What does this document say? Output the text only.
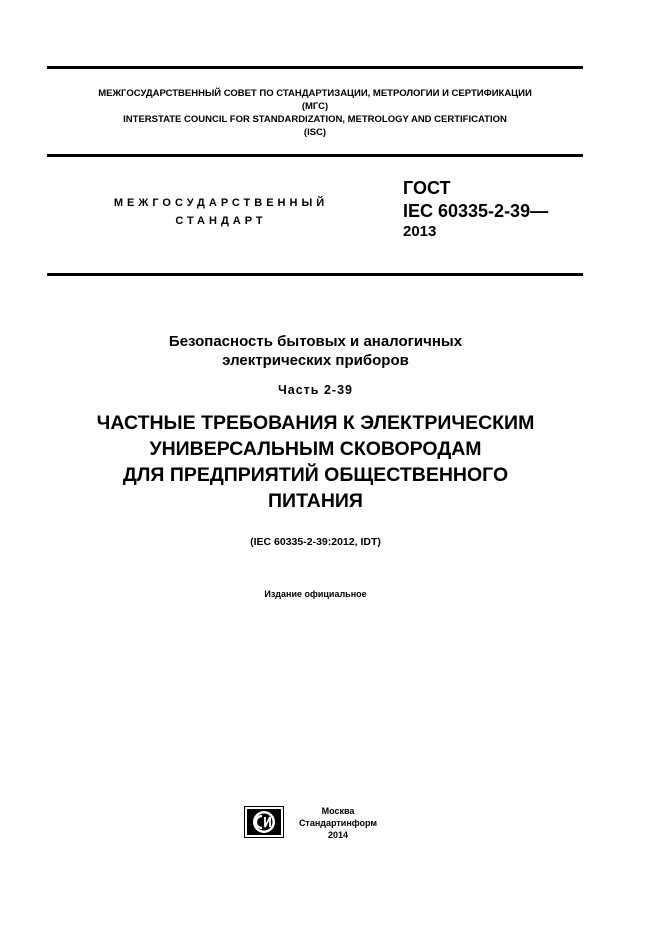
МЕЖГОСУДАРСТВЕННЫЙ СОВЕТ ПО СТАНДАРТИЗАЦИИ, МЕТРОЛОГИИ И СЕРТИФИКАЦИИ
(МГС)
INTERSTATE COUNCIL FOR STANDARDIZATION, METROLOGY AND CERTIFICATION
(ISC)
МЕЖГОСУДАРСТВЕННЫЙ
СТАНДАРТ
ГОСТ
IEC 60335-2-39—
2013
Безопасность бытовых и аналогичных
электрических приборов
Часть 2-39
ЧАСТНЫЕ ТРЕБОВАНИЯ К ЭЛЕКТРИЧЕСКИМ
УНИВЕРСАЛЬНЫМ СКОВОРОДАМ
ДЛЯ ПРЕДПРИЯТИЙ ОБЩЕСТВЕННОГО
ПИТАНИЯ
(IEC 60335-2-39:2012, IDT)
Издание официальное
Москва
Стандартинформ
2014
